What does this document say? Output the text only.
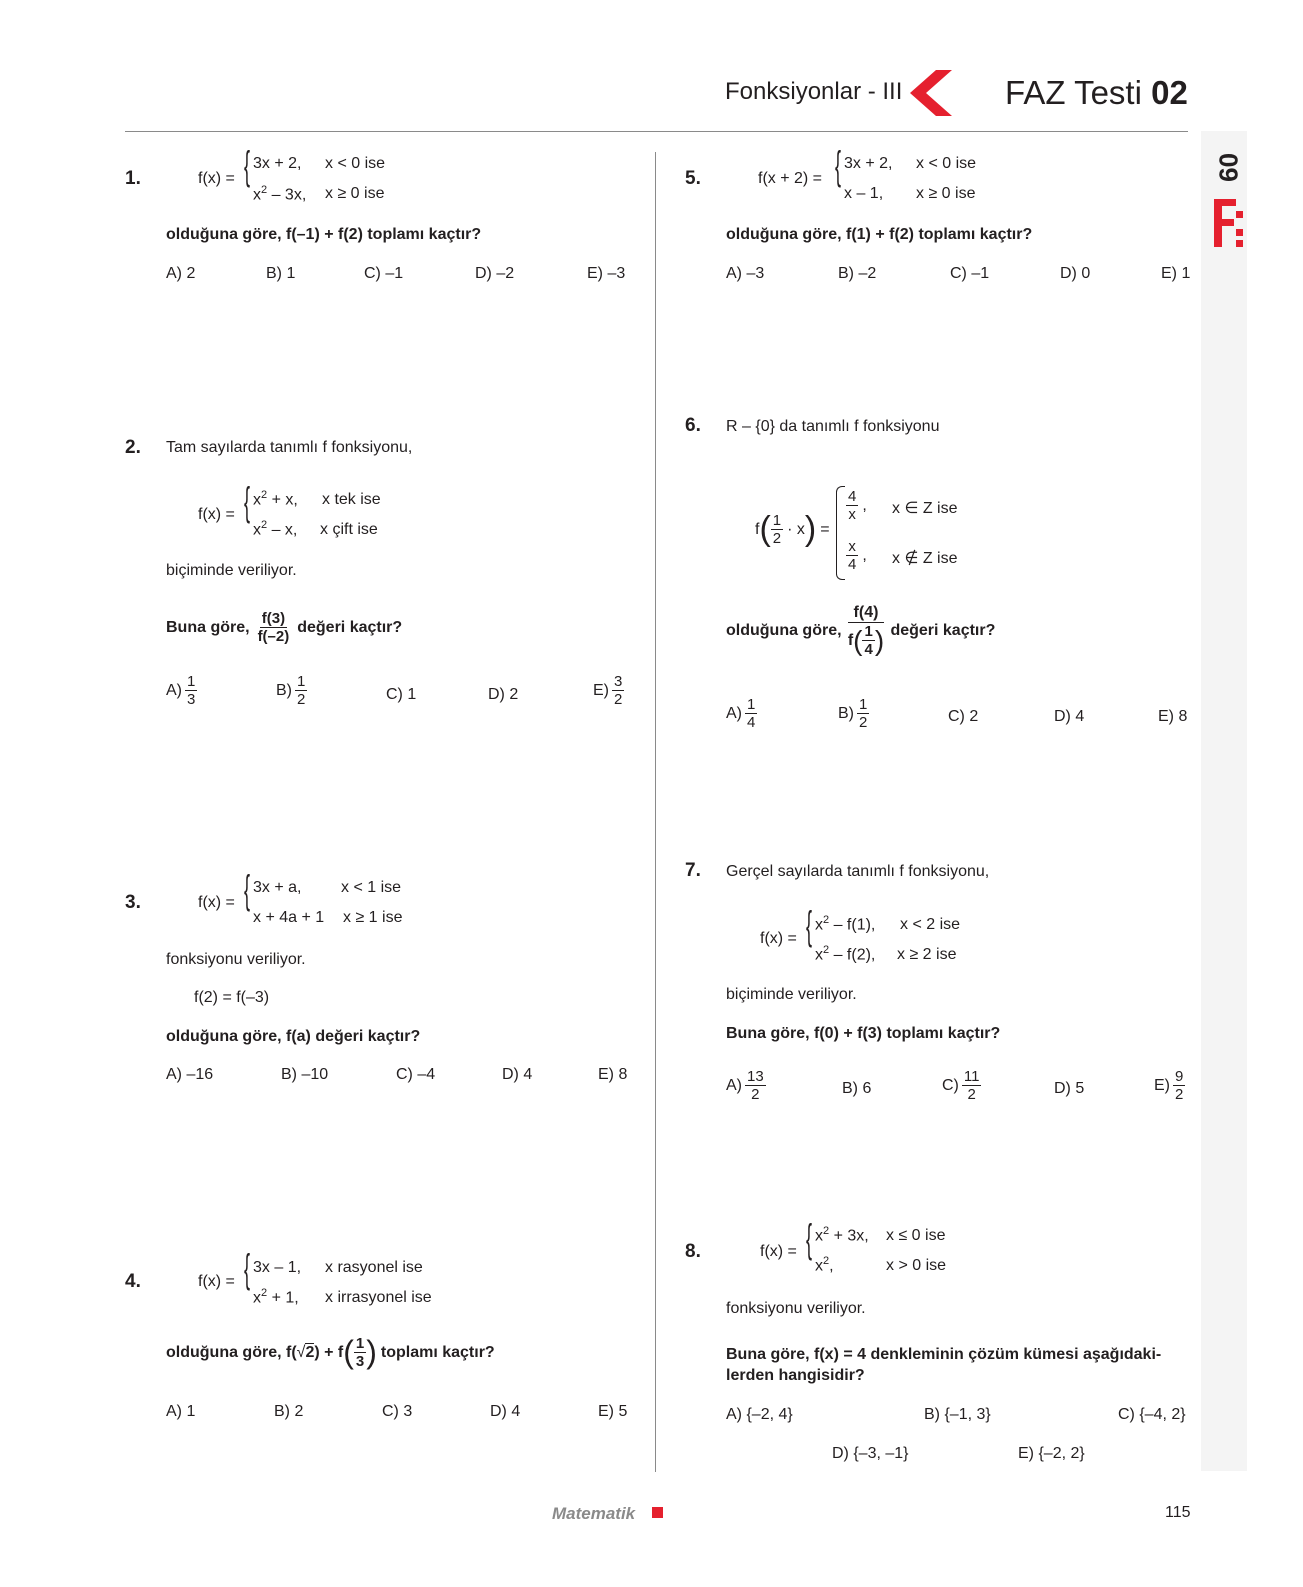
Fonksiyonlar - III	FAZ Testi 02
09
1.	f(x) = { 3x + 2, x < 0 ise
$x^2 - 3x$, x ≥ 0 ise
olduğuna göre, f(–1) + f(2) toplamı kaçtır?
A) 2	B) 1	C) –1	D) –2	E) –3
2. Tam sayılarda tanımlı f fonksiyonu,
f(x) = { $x^2 + x$, x tek ise
$x^2$ – x, x çift ise
biçiminde veriliyor.
Buna göre, $\frac{f(3)}{f(-2)}$ değeri kaçtır?
$A) \frac{1}{3}$	$B) \frac{1}{2}$	C) 1	D) 2	$E) \frac{3}{2}$
3.	f(x) = { 3x + a, x < 1 ise
x + 4a + 1 x ≥ 1 ise
fonksiyonu veriliyor.
f(2) = f(–3)
olduğuna göre, f(a) değeri kaçtır?
A) –16	B) –10	C) –4	D) 4	E) 8
4.	f(x) = { 3x – 1, x rasyonel ise
$x^2 + 1$, x irrasyonel ise
olduğuna göre, f( √ 2 ) + f ( $\frac{1}{3}$ ) toplamı kaçtır?
A) 1	B) 2	C) 3	D) 4	E) 5
5.	f(x + 2) = { 3x + 2, x < 0 ise
x – 1, x ≥ 0 ise
olduğuna göre, f(1) + f(2) toplamı kaçtır?
A) –3	B) –2	C) –1	D) 0	E) 1
6. R – {0} da tanımlı f fonksiyonu
f ( $\frac{1}{2} \cdot x$ ) =
$\frac{4}{x}$ , x ∈ Z ise
$\frac{x}{4}$ , x ∉ Z ise
olduğuna göre,
f(4)
f ( $\frac{1}{4}$ ) değeri kaçtır?
$A) \frac{1}{4}$	$B) \frac{1}{2}$	C) 2	D) 4	E) 8
7. Gerçel sayılarda tanımlı f fonksiyonu,
f(x) = { $x^2 - f(1)$, x < 2 ise
$x^2 - f(2)$, x ≥ 2 ise
biçiminde veriliyor.
Buna göre, f(0) + f(3) toplamı kaçtır?
$A) \frac{13}{2}$	B) 6	$C) \frac{11}{2}$	D) 5	$E) \frac{9}{2}$
8.	f(x) = { $x^2 + 3x$, x ≤ 0 ise
$x^2$,	x > 0 ise
fonksiyonu veriliyor.
Buna göre, f(x) = 4 denkleminin çözüm kümesi aşağıdaki-
lerden hangisidir?
A) {–2, 4}	B) {–1, 3}	C) {–4, 2}
D) {–3, –1}	E) {–2, 2}
Matematik	115
